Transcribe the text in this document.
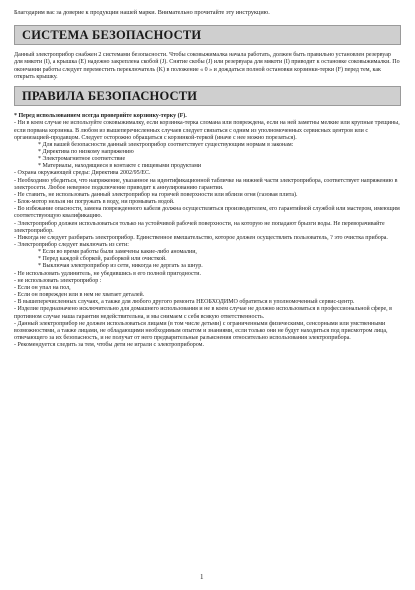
Благодарим вас за доверие к продукции нашей марки. Внимательно прочитайте эту инструкцию.
СИСТЕМА БЕЗОПАСНОСТИ
Данный электроприбор снабжен 2 системами безопасности. Чтобы соковыжималка начала работать, должен быть правильно установлен резервуар для мякоти (I), а крышка (E) надежно закреплена скобой (J). Снятие скобы (J) или резервуара для мякоти (I) приводит к остановке соковыжималки. По окончании работы следует переместить переключатель (K) в положение « 0 » и дождаться полной остановки корзинки-терки (F) перед тем, как открыть крышку.
ПРАВИЛА БЕЗОПАСНОСТИ
* Перед использованием всегда проверяйте корзинку-терку (F).
- Ни в коем случае не используйте соковыжималку, если корзинка-терка сломана или повреждена, если на ней заметны мелкие или крупные трещины, если порвана корзинка. В любом из вышеперечисленных случаев следует связаться с одним из уполномоченных сервисных центров или с организацией-продавцом. Следует осторожно обращаться с корзинкой-теркой (иначе с нее можно порезаться).
* Для вашей безопасности данный электроприбор соответствует существующим нормам в законам:
* Директива по низкому напряжению
* Электромагнитное соответствие
* Материалы, находящиеся в контакте с пищевыми продуктами
- Охрана окружающей среды: Директива 2002/95/ЕС.
- Необходимо убедиться, что напряжение, указанное на идентификационной табличке на нижней части электроприбора, соответствует напряжению в электросети. Любое неверное подключение приводит к аннулированию гарантии.
- Не ставить, не использовать данный электроприбор на горячей поверхности или вблизи огня (газовая плита).
- Блок-мотор нельзя ни погружать в воду, ни промывать водой.
- Во избежание опасности, замена поврежденного кабеля должна осуществляться производителем, его гарантийной службой или мастером, имеющим соответствующую квалификацию.
- Электроприбор должен использоваться только на устойчивой рабочей поверхности, на которую не попадают брызги воды. Не переворачивайте электроприбор.
- Никогда не следует разбирать электроприбор. Единственное вмешательство, которое должен осуществлять пользователь, ? это очистка прибора.
- Электроприбор следует выключать из сети:
* Если во время работы были замечены какие-либо аномалии,
* Перед каждой сборкой, разборкой или очисткой.
* Выключая электроприбор из сети, никогда не дергать за шнур.
- Не использовать удлинитель, не убедившись в его полной пригодности.
- не использовать электроприбор :
- Если он упал на пол,
- Если он поврежден или в нем не хватает деталей.
- В вышеперечисленных случаях, а также для любого другого ремонта НЕОБХОДИМО обратиться в уполномоченный сервис-центр.
- Изделие предназначено исключительно для домашнего использования и не в коем случае не должно использоваться в профессиональной сфере, в противном случае наша гарантия недействительна, и мы снимаем с себя всякую ответственность.
- Данный электроприбор не должен использоваться лицами (в том числе детьми) с ограниченными физическими, сенсорными или умственными возможностями, а также лицами, не обладающими необходимым опытом и знаниями, если только они не будут находиться под присмотром лица, отвечающего за их безопасность, и не получат от него предварительные разъяснения относительно использования электроприбора.
- Рекомендуется следить за тем, чтобы дети не играли с электроприбором.
1
